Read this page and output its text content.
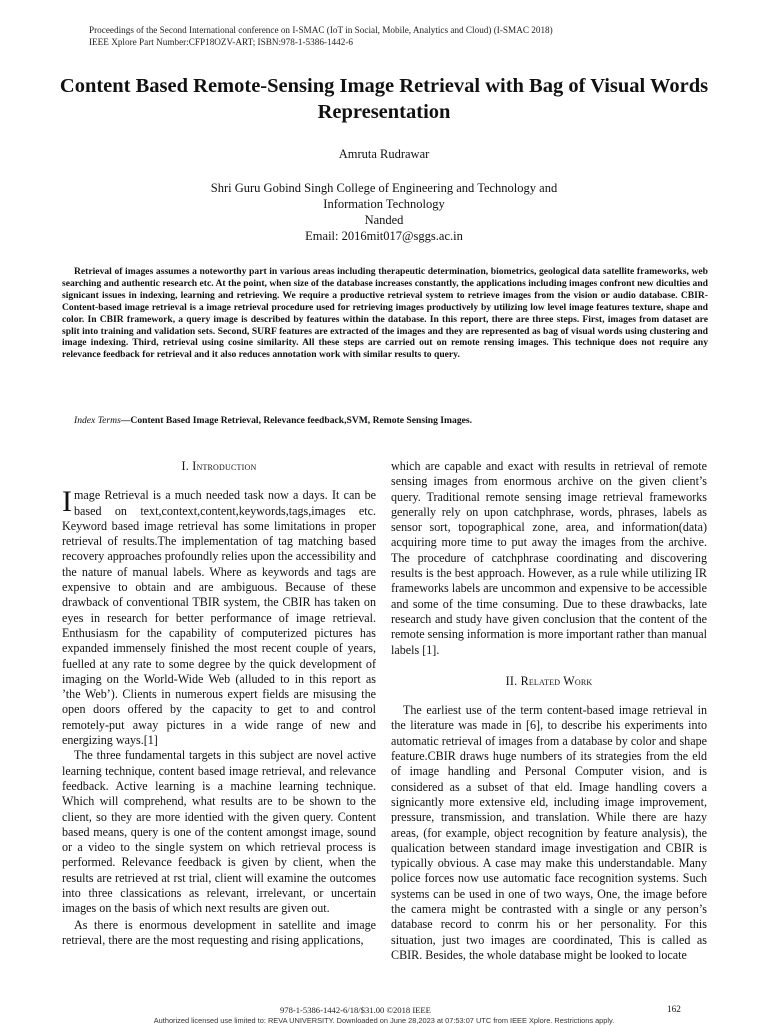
Proceedings of the Second International conference on I-SMAC (IoT in Social, Mobile, Analytics and Cloud) (I-SMAC 2018)
IEEE Xplore Part Number:CFP18OZV-ART; ISBN:978-1-5386-1442-6
Content Based Remote-Sensing Image Retrieval with Bag of Visual Words Representation
Amruta Rudrawar
Shri Guru Gobind Singh College of Engineering and Technology and
Information Technology
Nanded
Email: 2016mit017@sggs.ac.in
Retrieval of images assumes a noteworthy part in various areas including therapeutic determination, biometrics, geological data satellite frameworks, web searching and authentic research etc. At the point, when size of the database increases constantly, the applications including images confront new diculties and signicant issues in indexing, learning and retrieving. We require a productive retrieval system to retrieve images from the vision or audio database. CBIR-Content-based image retrieval is a image retrieval procedure used for retrieving images productively by utilizing low level image features texture, shape and color. In CBIR framework, a query image is described by features within the database. In this report, there are three steps. First, images from dataset are split into training and validation sets. Second, SURF features are extracted of the images and they are represented as bag of visual words using clustering and image indexing. Third, retrieval using cosine similarity. All these steps are carried out on remote rensing images. This technique does not require any relevance feedback for retrieval and it also reduces annotation work with similar results to query.
Index Terms—Content Based Image Retrieval, Relevance feedback,SVM, Remote Sensing Images.
I. Introduction

Image Retrieval is a much needed task now a days. It can be based on text,context,content,keywords,tags,images etc. Keyword based image retrieval has some limitations in proper retrieval of results.The implementation of tag matching based recovery approaches profoundly relies upon the accessibility and the nature of manual labels. Where as keywords and tags are expensive to obtain and are ambiguous. Because of these drawback of conventional TBIR system, the CBIR has taken on eyes in research for better performance of image retrieval. Enthusiasm for the capability of computerized pictures has expanded immensely finished the most recent couple of years, fuelled at any rate to some degree by the quick development of imaging on the World-Wide Web (alluded to in this report as ’the Web’). Clients in numerous expert fields are misusing the open doors offered by the capacity to get to and control remotely-put away pictures in a wide range of new and energizing ways.[1]

The three fundamental targets in this subject are novel active learning technique, content based image retrieval, and relevance feedback. Active learning is a machine learning technique. Which will comprehend, what results are to be shown to the client, so they are more identied with the given query. Content based means, query is one of the content amongst image, sound or a video to the single system on which retrieval process is performed. Relevance feedback is given by client, when the results are retrieved at rst trial, client will examine the outcomes into three classications as relevant, irrelevant, or uncertain images on the basis of which next results are given out.

As there is enormous development in satellite and image retrieval, there are the most requesting and rising applications,

which are capable and exact with results in retrieval of remote sensing images from enormous archive on the given client’s query. Traditional remote sensing image retrieval frameworks generally rely on upon catchphrase, words, phrases, labels as sensor sort, topographical zone, area, and information(data) acquiring more time to put away the images from the archive. The procedure of catchphrase coordinating and discovering results is the best approach. However, as a rule while utilizing IR frameworks labels are uncommon and expensive to be accessible and some of the time consuming. Due to these drawbacks, late research and study have given conclusion that the content of the remote sensing information is more important rather than manual labels [1].

II. Related Work

The earliest use of the term content-based image retrieval in the literature was made in [6], to describe his experiments into automatic retrieval of images from a database by color and shape feature.CBIR draws huge numbers of its strategies from the eld of image handling and Personal Computer vision, and is considered as a subset of that eld. Image handling covers a signicantly more extensive eld, including image improvement, pressure, transmission, and translation. While there are hazy areas, (for example, object recognition by feature analysis), the qualication between standard image investigation and CBIR is typically obvious. A case may make this understandable. Many police forces now use automatic face recognition systems. Such systems can be used in one of two ways, One, the image before the camera might be contrasted with a single or any person’s database record to conrm his or her personality. For this situation, just two images are coordinated, This is called as CBIR. Besides, the whole database might be looked to locate

978-1-5386-1442-6/18/$31.00 ©2018 IEEE	162
Authorized licensed use limited to: REVA UNIVERSITY. Downloaded on June 28,2023 at 07:53:07 UTC from IEEE Xplore. Restrictions apply.
